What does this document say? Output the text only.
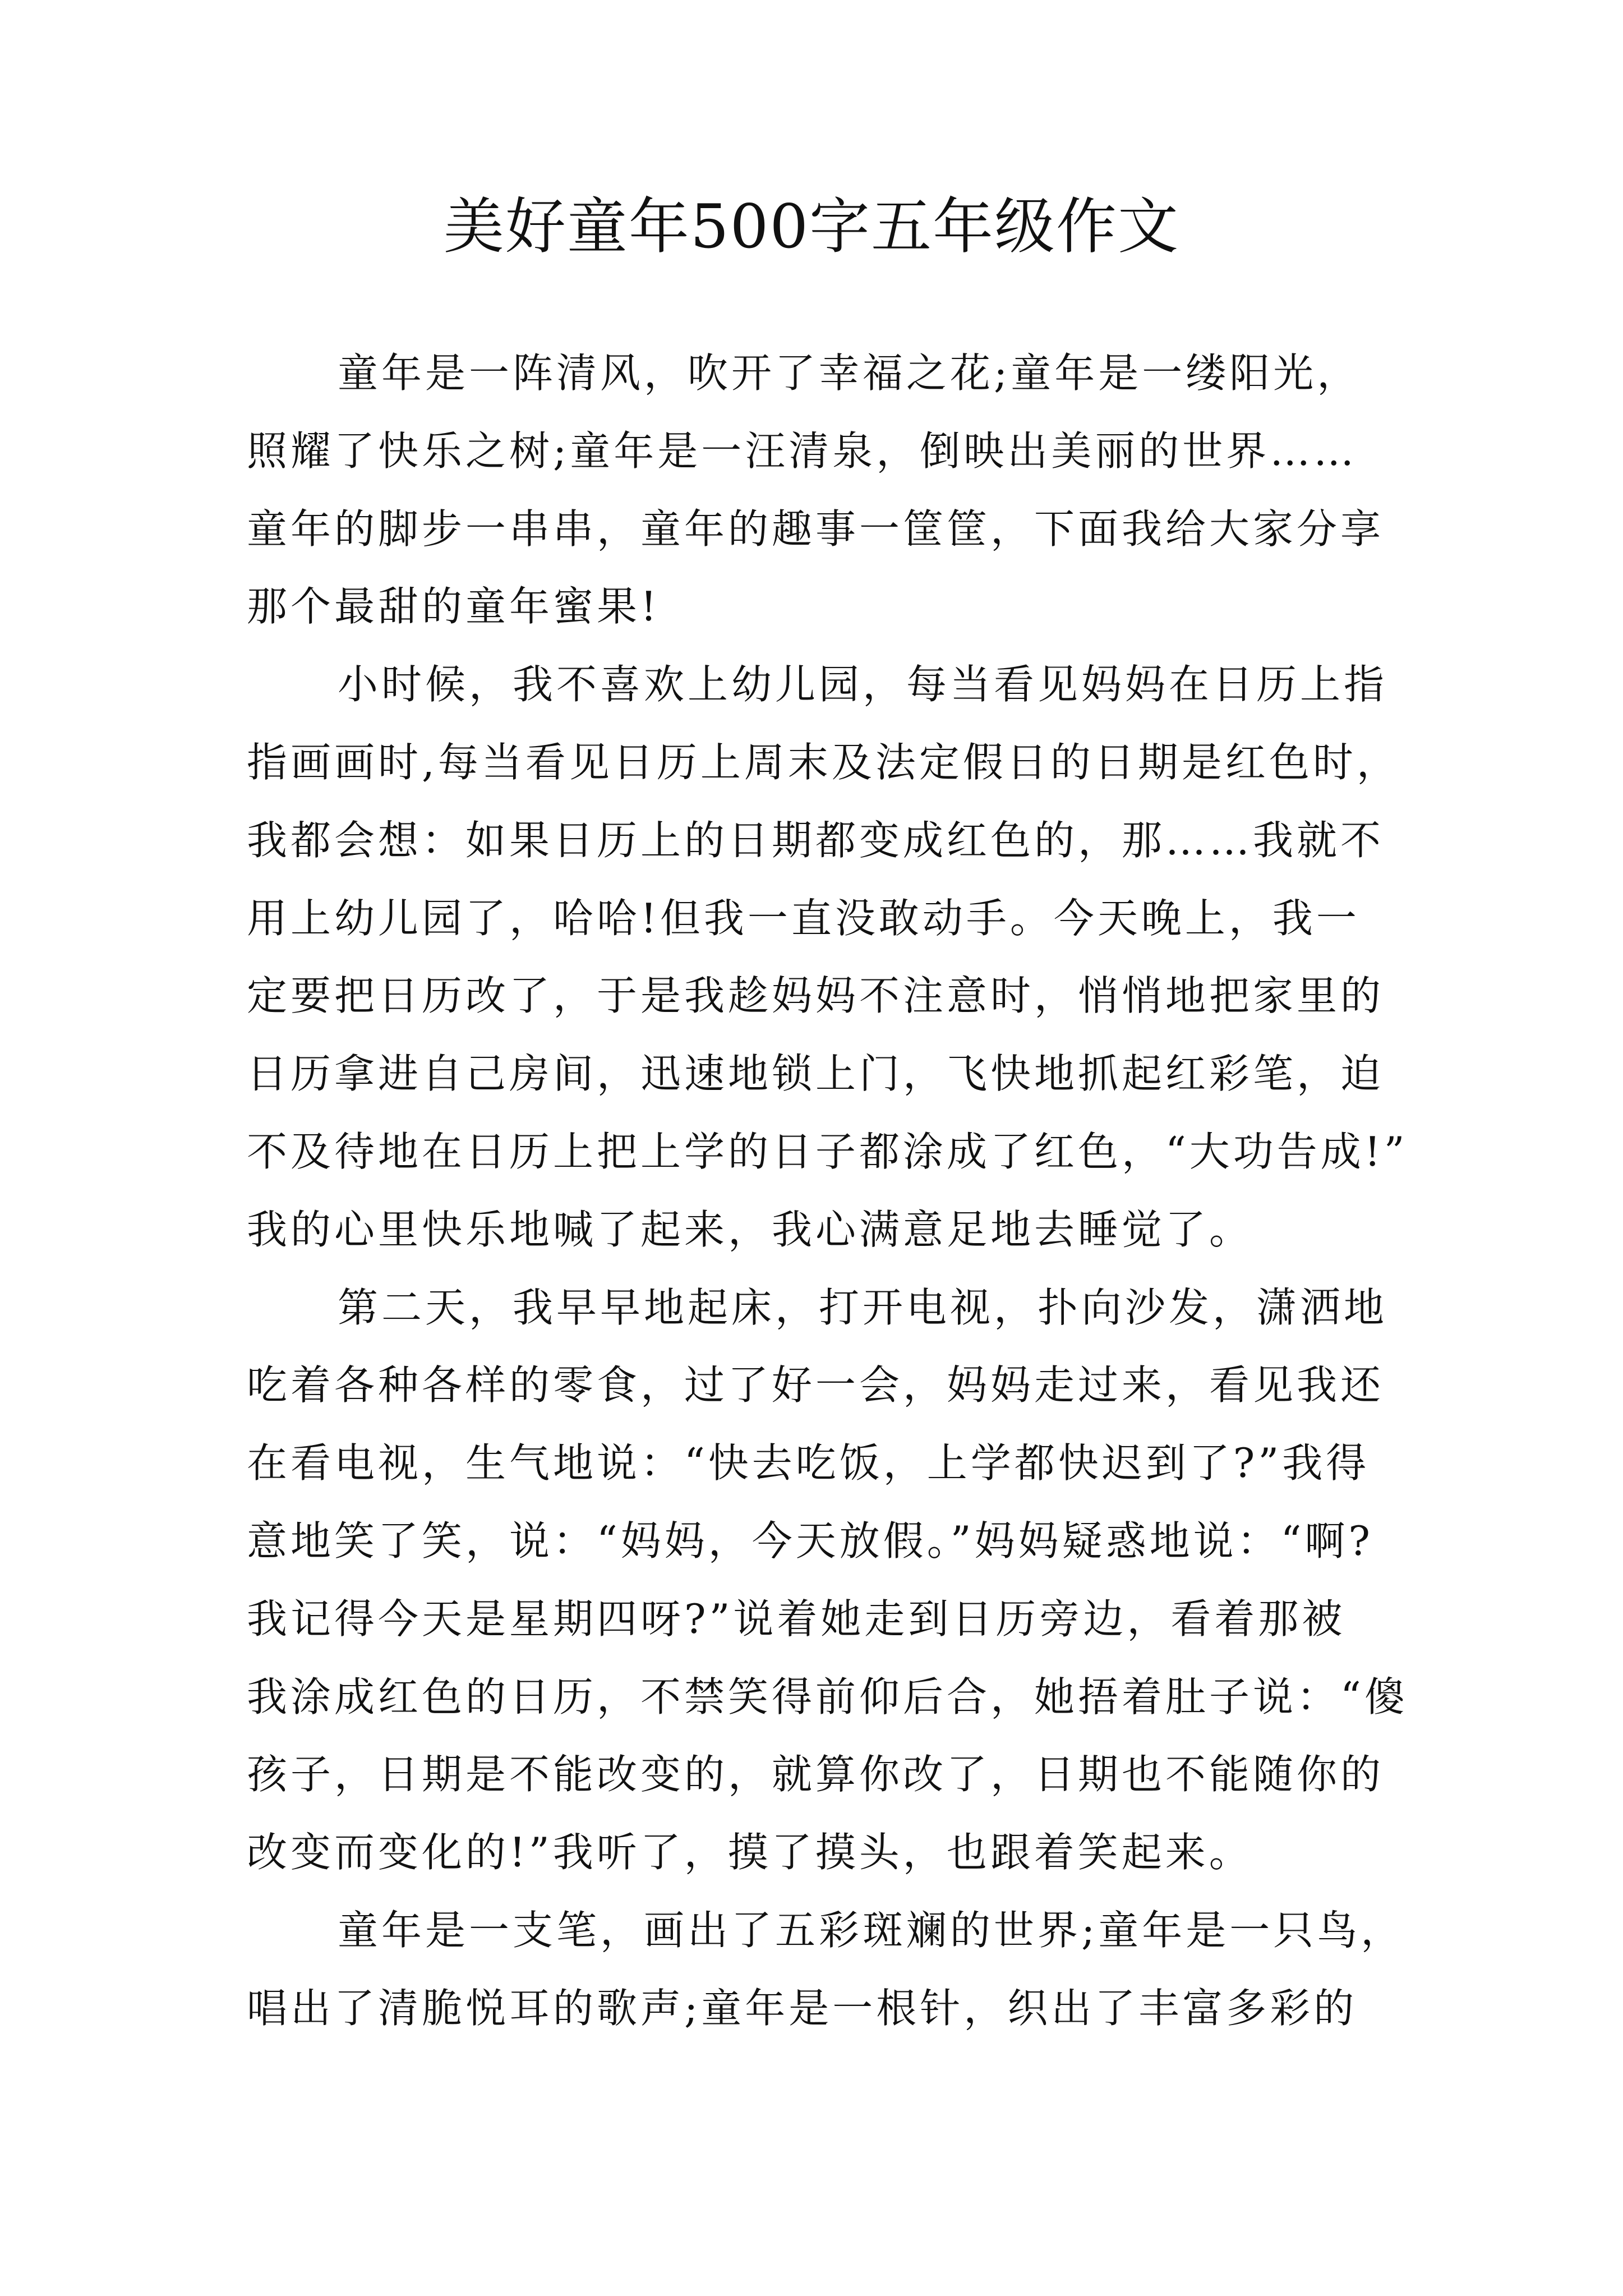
美好童年500字五年级作文
童年是一阵清风，吹开了幸福之花;童年是一缕阳光，
照耀了快乐之树;童年是一汪清泉，倒映出美丽的世界……
童年的脚步一串串，童年的趣事一筐筐，下面我给大家分享
那个最甜的童年蜜果!
小时候，我不喜欢上幼儿园，每当看见妈妈在日历上指
指画画时,每当看见日历上周末及法定假日的日期是红色时，
我都会想：如果日历上的日期都变成红色的，那……我就不
用上幼儿园了，哈哈!但我一直没敢动手。今天晚上，我一
定要把日历改了，于是我趁妈妈不注意时，悄悄地把家里的
日历拿进自己房间，迅速地锁上门，飞快地抓起红彩笔，迫
不及待地在日历上把上学的日子都涂成了红色，“大功告成!”
我的心里快乐地喊了起来，我心满意足地去睡觉了。
第二天，我早早地起床，打开电视，扑向沙发，潇洒地
吃着各种各样的零食，过了好一会，妈妈走过来，看见我还
在看电视，生气地说：“快去吃饭，上学都快迟到了?”我得
意地笑了笑，说：“妈妈，今天放假。”妈妈疑惑地说：“啊?
我记得今天是星期四呀?”说着她走到日历旁边，看着那被
我涂成红色的日历，不禁笑得前仰后合，她捂着肚子说：“傻
孩子，日期是不能改变的，就算你改了，日期也不能随你的
改变而变化的!”我听了，摸了摸头，也跟着笑起来。
童年是一支笔，画出了五彩斑斓的世界;童年是一只鸟，
唱出了清脆悦耳的歌声;童年是一根针，织出了丰富多彩的
